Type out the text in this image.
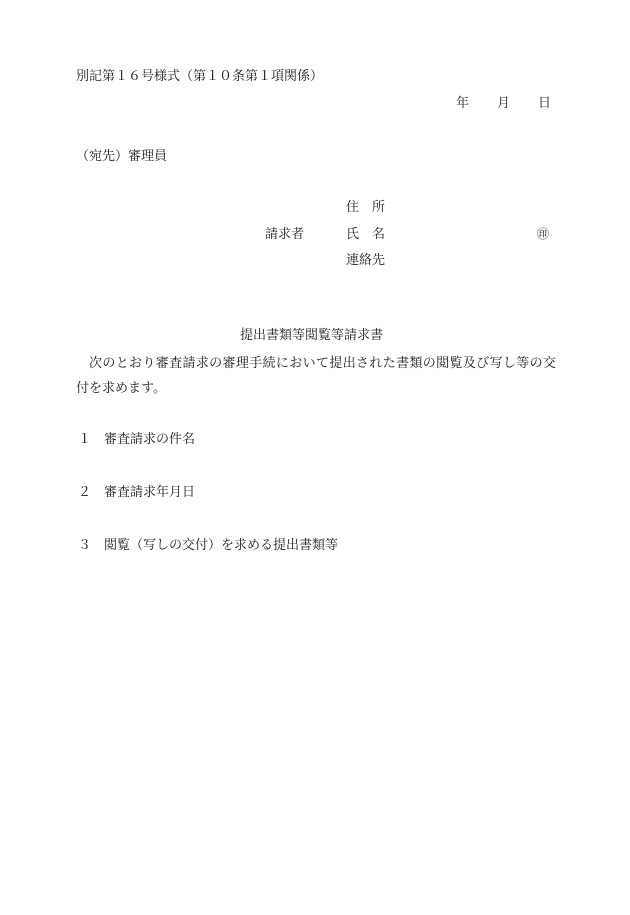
別記第１６号様式（第１０条第１項関係）
年 月 日
（宛先）審理員
住　所
請求者	氏　名	㊞
連絡先
提出書類等閲覧等請求書
次のとおり審査請求の審理手続において提出された書類の閲覧及び写し等の交付を求めます。
１ 審査請求の件名
２ 審査請求年月日
３ 閲覧（写しの交付）を求める提出書類等
